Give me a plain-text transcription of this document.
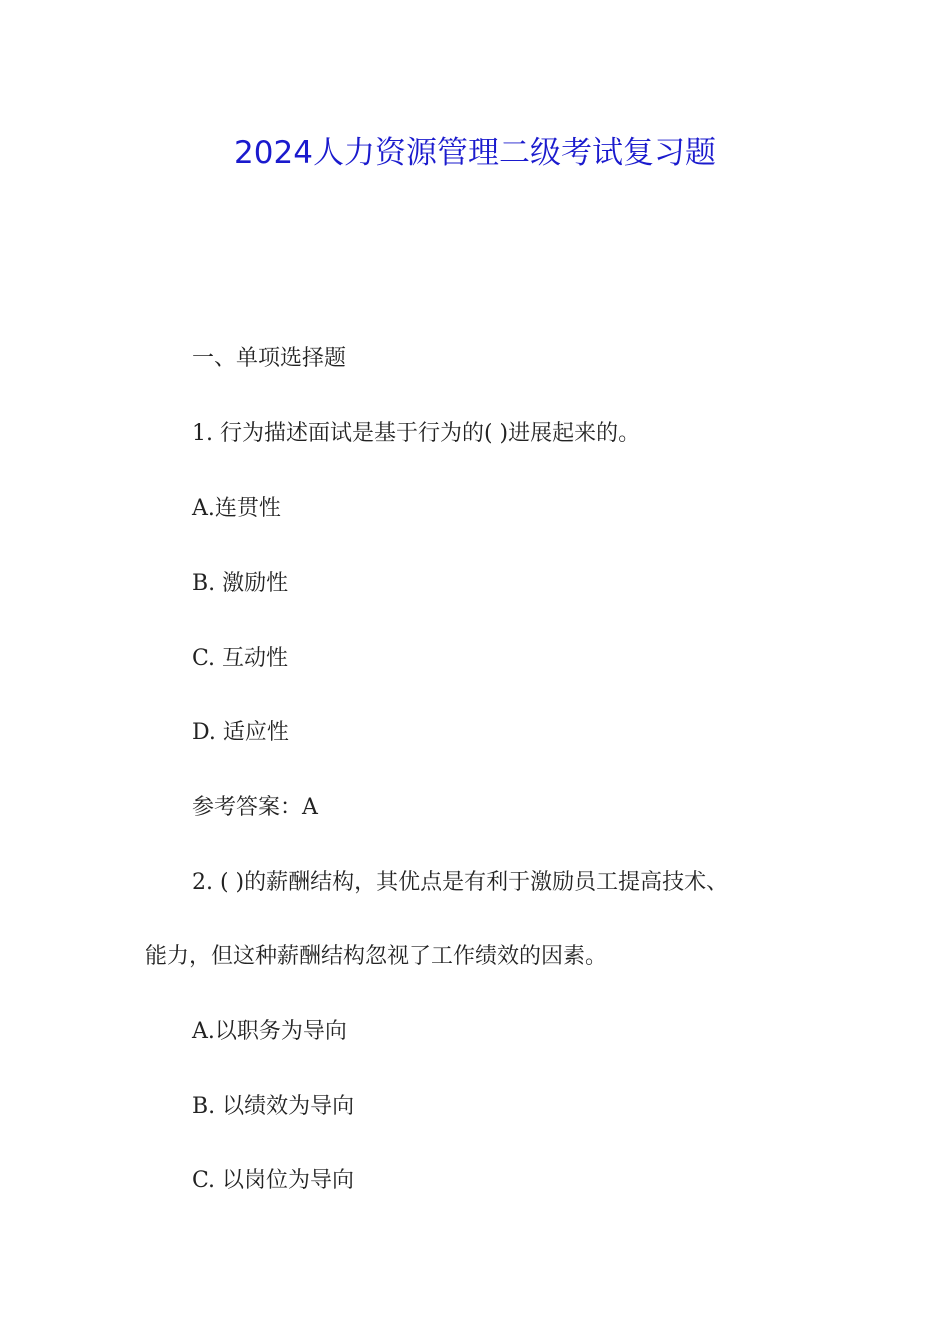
2024人力资源管理二级考试复习题
一、单项选择题
1. 行为描述面试是基于行为的( )进展起来的。
A.连贯性
B. 激励性
C. 互动性
D. 适应性
参考答案：A
2. ( )的薪酬结构，其优点是有利于激励员工提高技术、
能力，但这种薪酬结构忽视了工作绩效的因素。
A.以职务为导向
B. 以绩效为导向
C. 以岗位为导向
